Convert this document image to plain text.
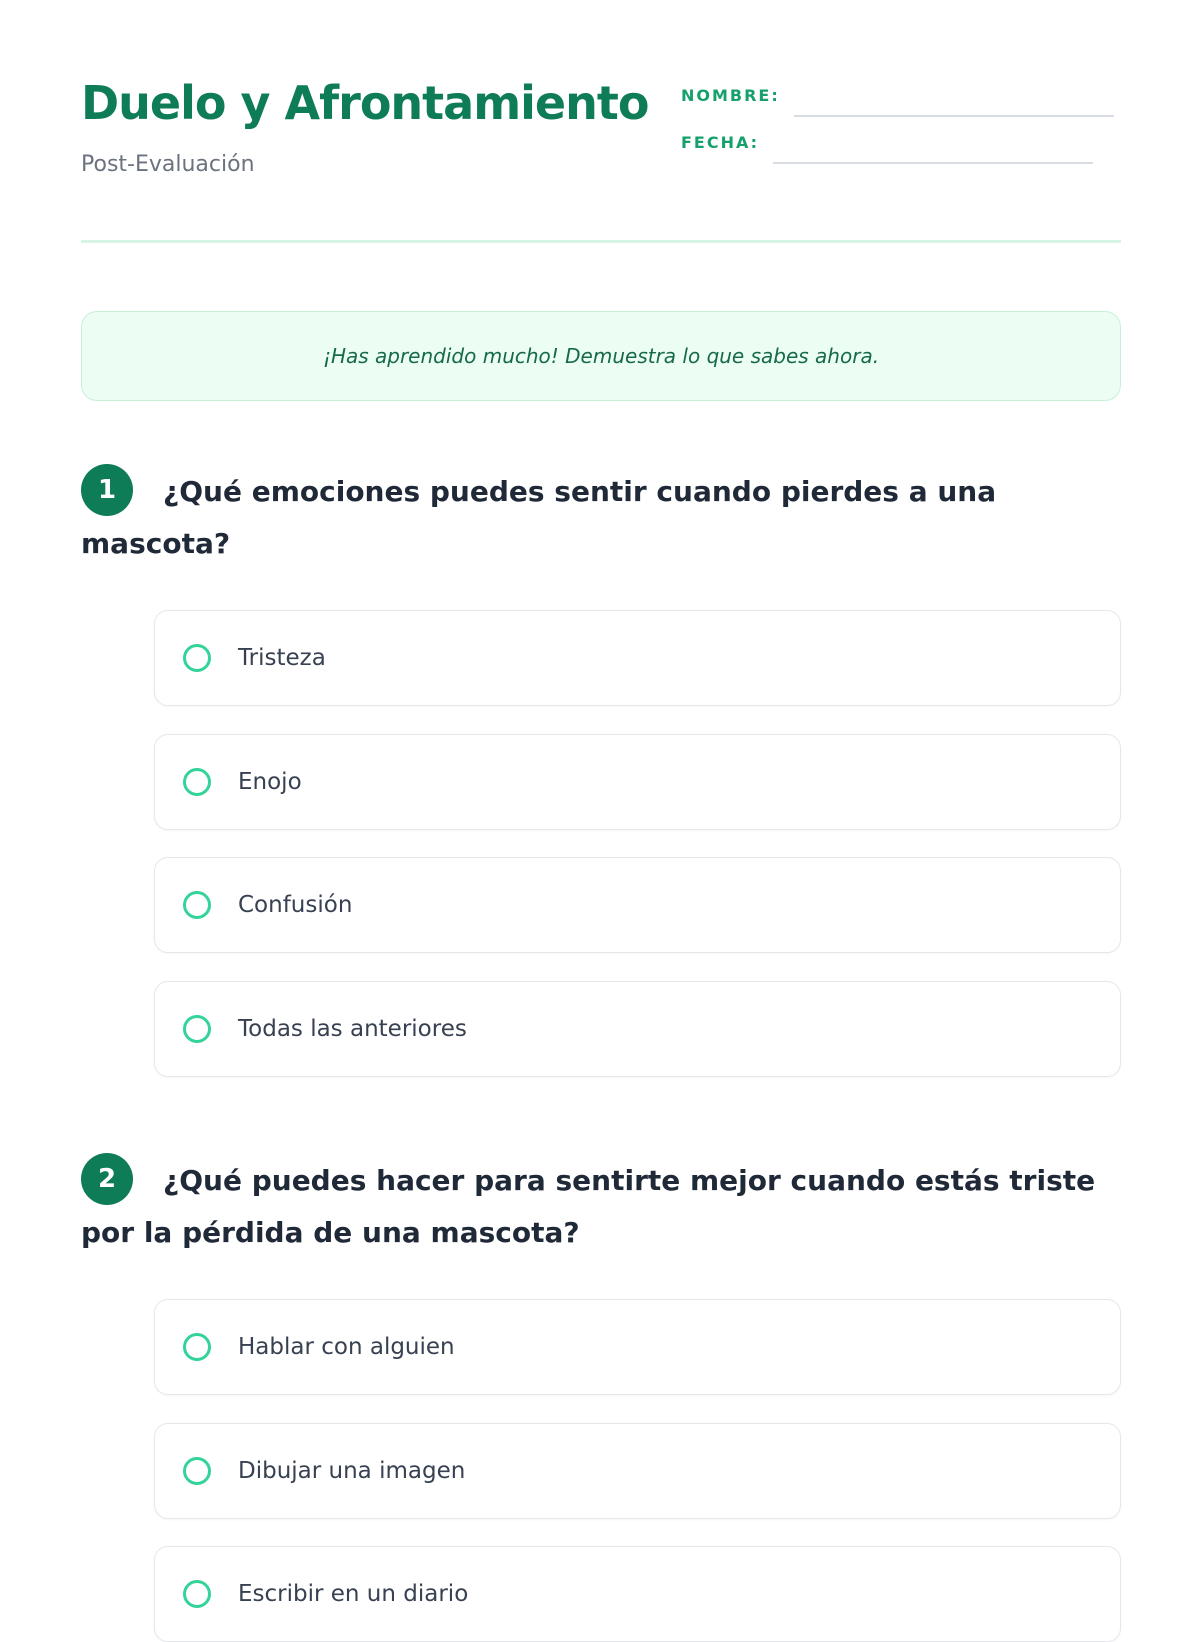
Duelo y Afrontamiento
Post-Evaluación
NOMBRE:
FECHA:
¡Has aprendido mucho! Demuestra lo que sabes ahora.

1 ¿Qué emociones puedes sentir cuando pierdes a una mascota?

Tristeza
Enojo
Confusión
Todas las anteriores

2 ¿Qué puedes hacer para sentirte mejor cuando estás triste por la pérdida de una mascota?

Hablar con alguien
Dibujar una imagen
Escribir en un diario
